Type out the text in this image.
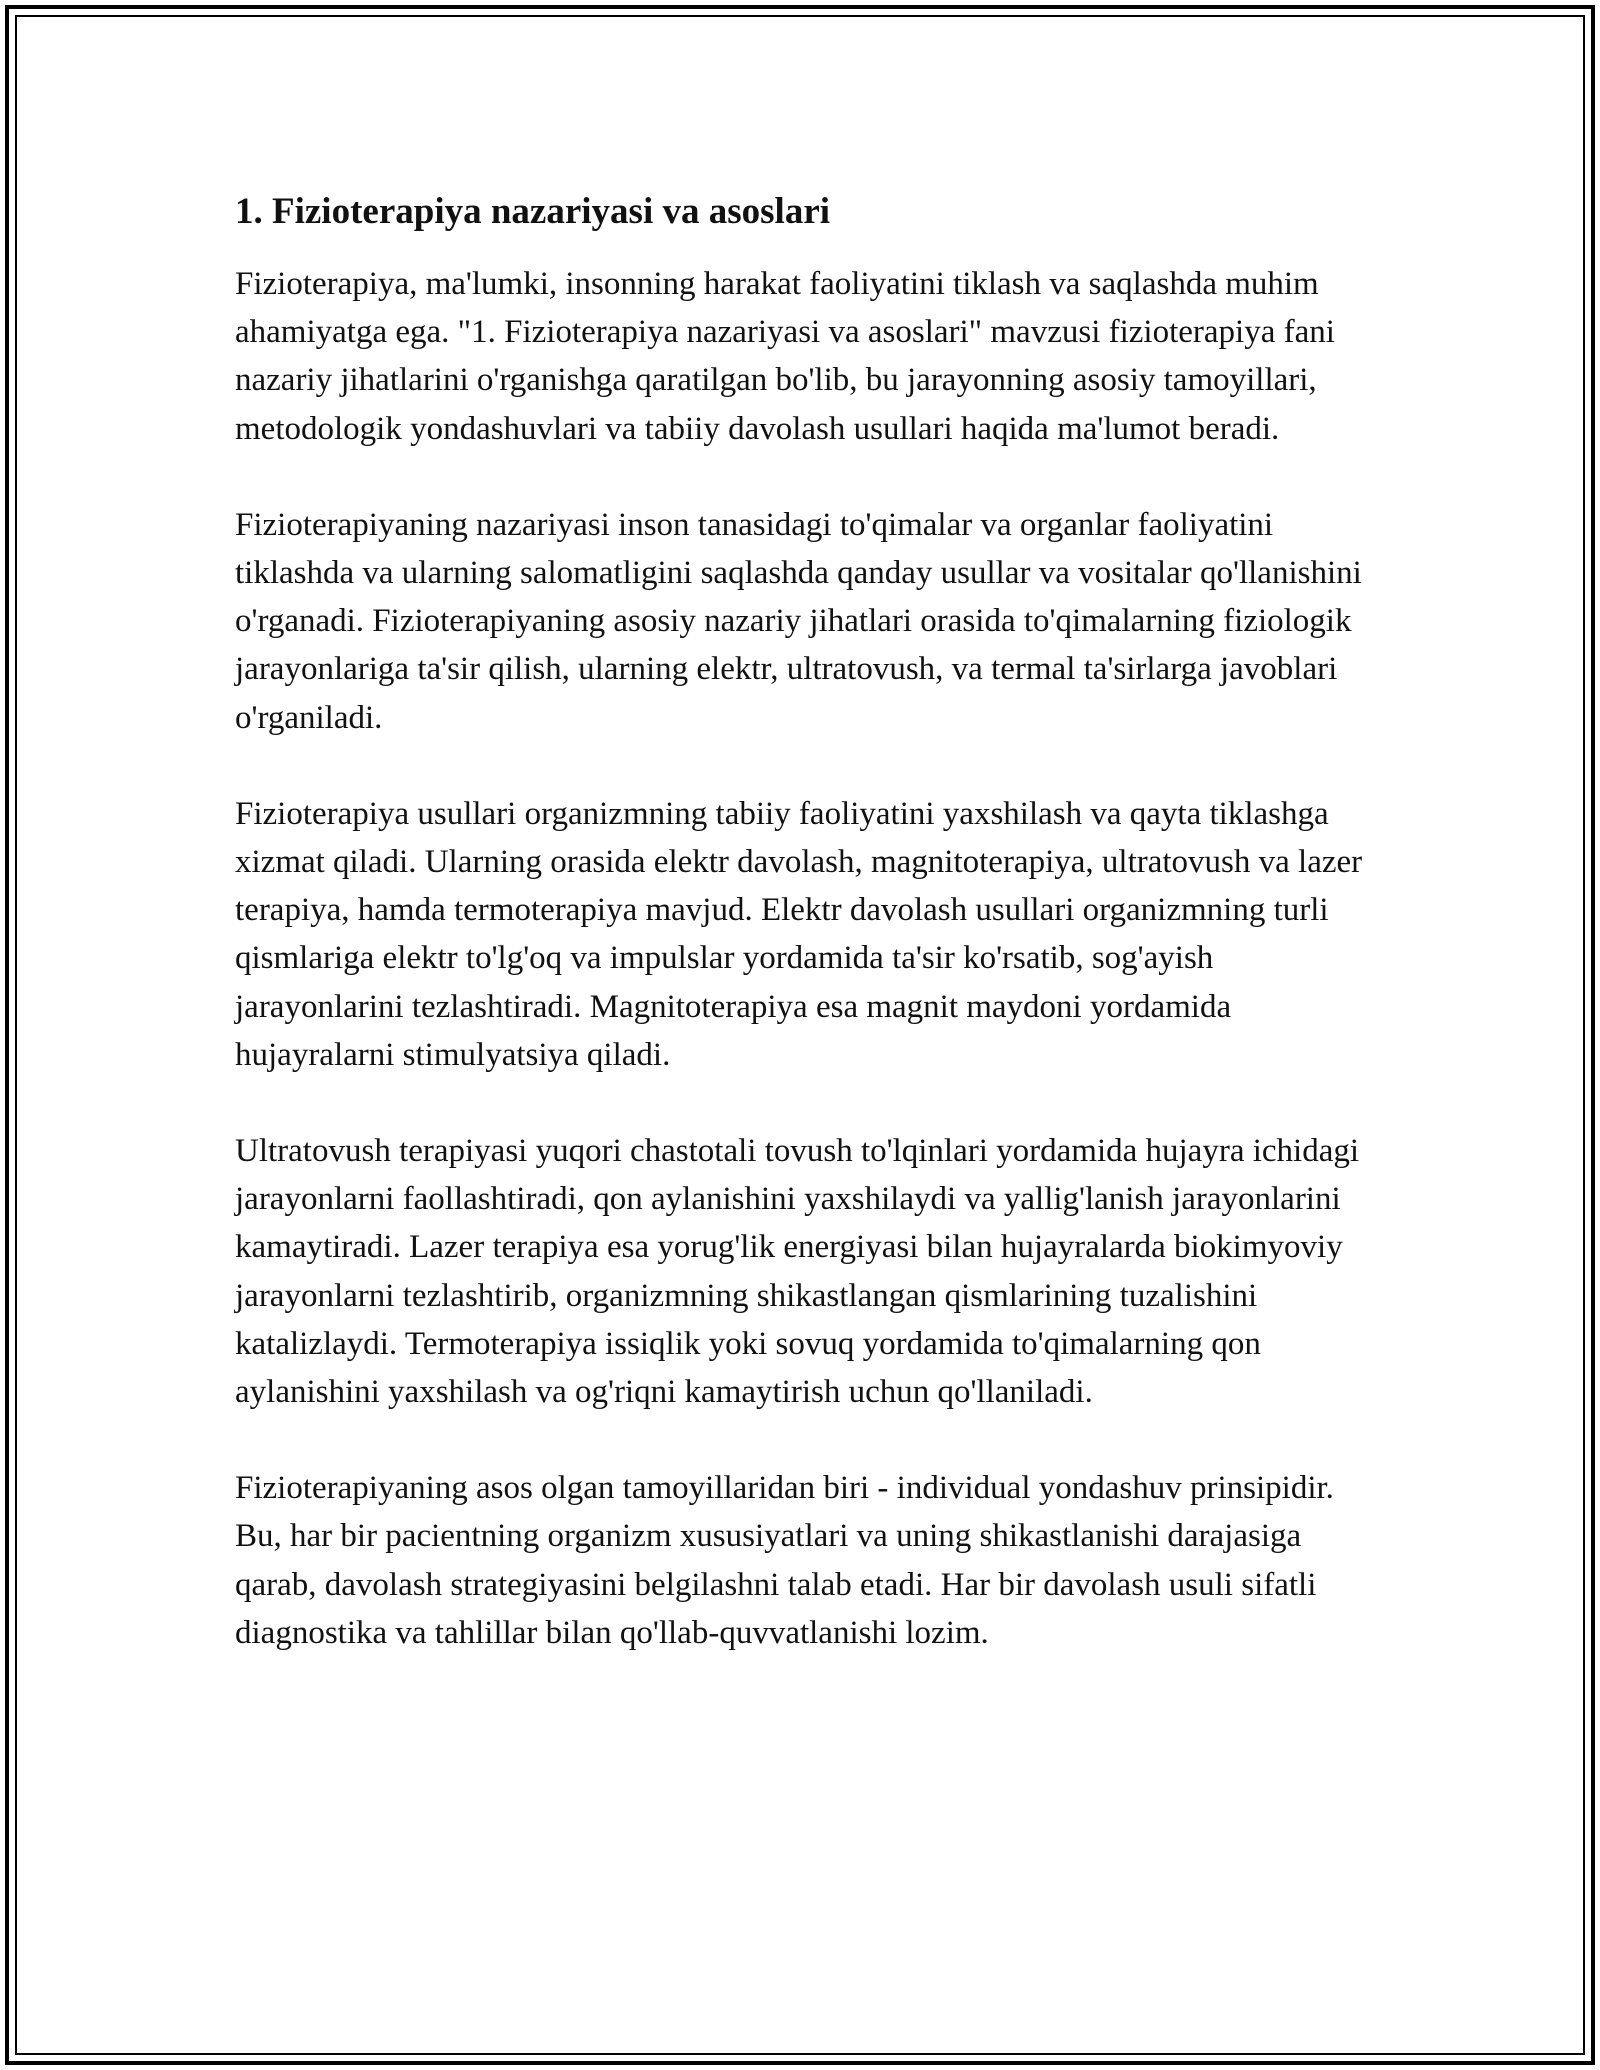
1. Fizioterapiya nazariyasi va asoslari

Fizioterapiya, ma'lumki, insonning harakat faoliyatini tiklash va saqlashda muhim ahamiyatga ega. "1. Fizioterapiya nazariyasi va asoslari" mavzusi fizioterapiya fani nazariy jihatlarini o'rganishga qaratilgan bo'lib, bu jarayonning asosiy tamoyillari, metodologik yondashuvlari va tabiiy davolash usullari haqida ma'lumot beradi.

Fizioterapiyaning nazariyasi inson tanasidagi to'qimalar va organlar faoliyatini tiklashda va ularning salomatligini saqlashda qanday usullar va vositalar qo'llanishini o'rganadi. Fizioterapiyaning asosiy nazariy jihatlari orasida to'qimalarning fiziologik jarayonlariga ta'sir qilish, ularning elektr, ultratovush, va termal ta'sirlarga javoblari o'rganiladi.

Fizioterapiya usullari organizmning tabiiy faoliyatini yaxshilash va qayta tiklashga xizmat qiladi. Ularning orasida elektr davolash, magnitoterapiya, ultratovush va lazer terapiya, hamda termoterapiya mavjud. Elektr davolash usullari organizmning turli qismlariga elektr to'lg'oq va impulslar yordamida ta'sir ko'rsatib, sog'ayish jarayonlarini tezlashtiradi. Magnitoterapiya esa magnit maydoni yordamida hujayralarni stimulyatsiya qiladi.

Ultratovush terapiyasi yuqori chastotali tovush to'lqinlari yordamida hujayra ichidagi jarayonlarni faollashtiradi, qon aylanishini yaxshilaydi va yallig'lanish jarayonlarini kamaytiradi. Lazer terapiya esa yorug'lik energiyasi bilan hujayralarda biokimyoviy jarayonlarni tezlashtirib, organizmning shikastlangan qismlarining tuzalishini katalizlaydi. Termoterapiya issiqlik yoki sovuq yordamida to'qimalarning qon aylanishini yaxshilash va og'riqni kamaytirish uchun qo'llaniladi.

Fizioterapiyaning asos olgan tamoyillaridan biri - individual yondashuv prinsipidir. Bu, har bir pacientning organizm xususiyatlari va uning shikastlanishi darajasiga qarab, davolash strategiyasini belgilashni talab etadi. Har bir davolash usuli sifatli diagnostika va tahlillar bilan qo'llab-quvvatlanishi lozim.
